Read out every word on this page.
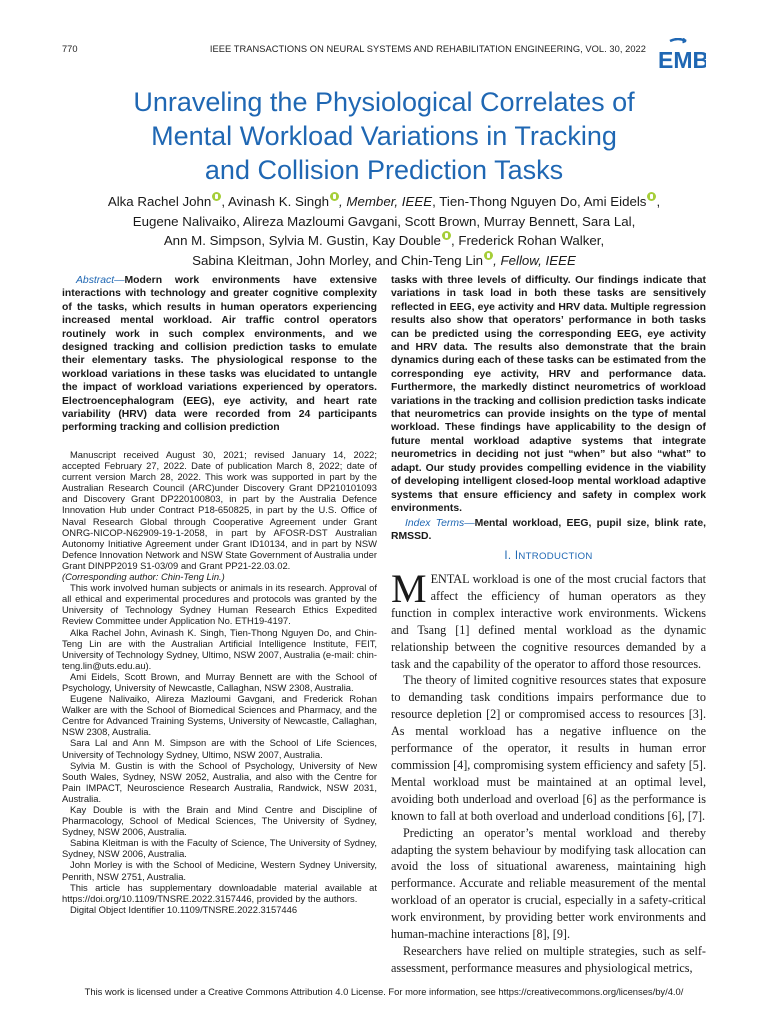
770	IEEE TRANSACTIONS ON NEURAL SYSTEMS AND REHABILITATION ENGINEERING, VOL. 30, 2022 EMB
Unraveling the Physiological Correlates of
Mental Workload Variations in Tracking
and Collision Prediction Tasks
Alka Rachel John , Avinash K. Singh , Member, IEEE, Tien-Thong Nguyen Do, Ami Eidels ,
Eugene Nalivaiko, Alireza Mazloumi Gavgani, Scott Brown, Murray Bennett, Sara Lal,
Ann M. Simpson, Sylvia M. Gustin, Kay Double , Frederick Rohan Walker,
Sabina Kleitman, John Morley, and Chin-Teng Lin , Fellow, IEEE
Abstract—Modern work environments have extensive interactions with technology and greater cognitive complexity of the tasks, which results in human operators experiencing increased mental workload. Air traffic control operators routinely work in such complex environments, and we designed tracking and collision prediction tasks to emulate their elementary tasks. The physiological response to the workload variations in these tasks was elucidated to untangle the impact of workload variations experienced by operators. Electroencephalogram (EEG), eye activity, and heart rate variability (HRV) data were recorded from 24 participants performing tracking and collision prediction
tasks with three levels of difficulty. Our findings indicate that variations in task load in both these tasks are sensitively reflected in EEG, eye activity and HRV data. Multiple regression results also show that operators’ performance in both tasks can be predicted using the corresponding EEG, eye activity and HRV data. The results also demonstrate that the brain dynamics during each of these tasks can be estimated from the corresponding eye activity, HRV and performance data. Furthermore, the markedly distinct neurometrics of workload variations in the tracking and collision prediction tasks indicate that neurometrics can provide insights on the type of mental workload. These findings have applicability to the design of future mental workload adaptive systems that integrate neurometrics in deciding not just “when” but also “what” to adapt. Our study provides compelling evidence in the viability of developing intelligent closed-loop mental workload adaptive systems that ensure efficiency and safety in complex work environments.
Index Terms—Mental workload, EEG, pupil size, blink rate, RMSSD.

Manuscript received August 30, 2021; revised January 14, 2022; accepted February 27, 2022. Date of publication March 8, 2022; date of current version March 28, 2022. This work was supported in part by the Australian Research Council (ARC)under Discovery Grant DP210101093 and Discovery Grant DP220100803, in part by the Australia Defence Innovation Hub under Contract P18-650825, in part by the U.S. Office of Naval Research Global through Cooperative Agreement under Grant ONRG-NICOP-N62909-19-1-2058, in part by AFOSR-DST Australian Autonomy Initiative Agreement under Grant ID10134, and in part by NSW Defence Innovation Network and NSW State Government of Australia under Grant DINPP2019 S1-03/09 and Grant PP21-22.03.02.
(Corresponding author: Chin-Teng Lin.)

This work involved human subjects or animals in its research. Approval of all ethical and experimental procedures and protocols was granted by the University of Technology Sydney Human Research Ethics Expedited Review Committee under Application No. ETH19-4197.

Alka Rachel John, Avinash K. Singh, Tien-Thong Nguyen Do, and Chin-Teng Lin are with the Australian Artificial Intelligence Institute, FEIT, University of Technology Sydney, Ultimo, NSW 2007, Australia (e-mail: chin-teng.lin@uts.edu.au).

Ami Eidels, Scott Brown, and Murray Bennett are with the School of Psychology, University of Newcastle, Callaghan, NSW 2308, Australia.

Eugene Nalivaiko, Alireza Mazloumi Gavgani, and Frederick Rohan Walker are with the School of Biomedical Sciences and Pharmacy, and the Centre for Advanced Training Systems, University of Newcastle, Callaghan, NSW 2308, Australia.

Sara Lal and Ann M. Simpson are with the School of Life Sciences, University of Technology Sydney, Ultimo, NSW 2007, Australia.

Sylvia M. Gustin is with the School of Psychology, University of New South Wales, Sydney, NSW 2052, Australia, and also with the Centre for Pain IMPACT, Neuroscience Research Australia, Randwick, NSW 2031, Australia.

Kay Double is with the Brain and Mind Centre and Discipline of Pharmacology, School of Medical Sciences, The University of Sydney, Sydney, NSW 2006, Australia.

Sabina Kleitman is with the Faculty of Science, The University of Sydney, Sydney, NSW 2006, Australia.

John Morley is with the School of Medicine, Western Sydney University, Penrith, NSW 2751, Australia.

This article has supplementary downloadable material available at https://doi.org/10.1109/TNSRE.2022.3157446, provided by the authors.

Digital Object Identifier 10.1109/TNSRE.2022.3157446

I. INTRODUCTION

MENTAL workload is one of the most crucial factors that affect the efficiency of human operators as they function in complex interactive work environments. Wickens and Tsang [1] defined mental workload as the dynamic relationship between the cognitive resources demanded by a task and the capability of the operator to afford those resources.

The theory of limited cognitive resources states that exposure to demanding task conditions impairs performance due to resource depletion [2] or compromised access to resources [3]. As mental workload has a negative influence on the performance of the operator, it results in human error commission [4], compromising system efficiency and safety [5]. Mental workload must be maintained at an optimal level, avoiding both underload and overload [6] as the performance is known to fall at both overload and underload conditions [6], [7].

Predicting an operator’s mental workload and thereby adapting the system behaviour by modifying task allocation can avoid the loss of situational awareness, maintaining high performance. Accurate and reliable measurement of the mental workload of an operator is crucial, especially in a safety-critical work environment, by providing better work environments and human-machine interactions [8], [9].

Researchers have relied on multiple strategies, such as self-assessment, performance measures and physiological metrics,

This work is licensed under a Creative Commons Attribution 4.0 License. For more information, see https://creativecommons.org/licenses/by/4.0/
